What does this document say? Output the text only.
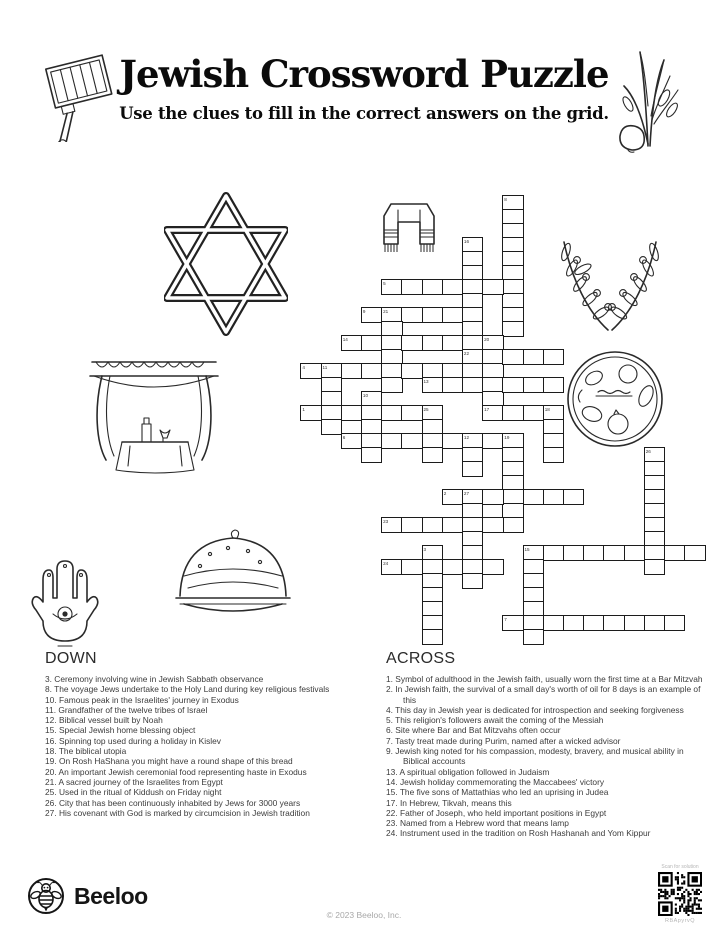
Jewish Crossword Puzzle
Use the clues to fill in the correct answers on the grid.
8
16
5
9	21
14	20
17
22
4	11
13
10
1	25	18
6	12	19
26
2	27
23
15
3
24
7
DOWN
3. Ceremony involving wine in Jewish Sabbath observance
8. The voyage Jews undertake to the Holy Land during key religious festivals
10. Famous peak in the Israelites' journey in Exodus
11. Grandfather of the twelve tribes of Israel
12. Biblical vessel built by Noah
15. Special Jewish home blessing object
16. Spinning top used during a holiday in Kislev
18. The biblical utopia
19. On Rosh HaShana you might have a round shape of this bread
20. An important Jewish ceremonial food representing haste in Exodus
21. A sacred journey of the Israelites from Egypt
25. Used in the ritual of Kiddush on Friday night
26. City that has been continuously inhabited by Jews for 3000 years
27. His covenant with God is marked by circumcision in Jewish tradition
ACROSS
1. Symbol of adulthood in the Jewish faith, usually worn the first time at a Bar Mitzvah
2. In Jewish faith, the survival of a small day's worth of oil for 8 days is an example of this
4. This day in Jewish year is dedicated for introspection and seeking forgiveness
5. This religion's followers await the coming of the Messiah
6. Site where Bar and Bat Mitzvahs often occur
7. Tasty treat made during Purim, named after a wicked advisor
9. Jewish king noted for his compassion, modesty, bravery, and musical ability in Biblical accounts
13. A spiritual obligation followed in Judaism
14. Jewish holiday commemorating the Maccabees' victory
15. The five sons of Mattathias who led an uprising in Judea
17. In Hebrew, Tikvah, means this
22. Father of Joseph, who held important positions in Egypt
23. Named from a Hebrew word that means lamp
24. Instrument used in the tradition on Rosh Hashanah and Yom Kippur
Beeloo
© 2023 Beeloo, Inc.
Scan for solution
RBApyrvQ
